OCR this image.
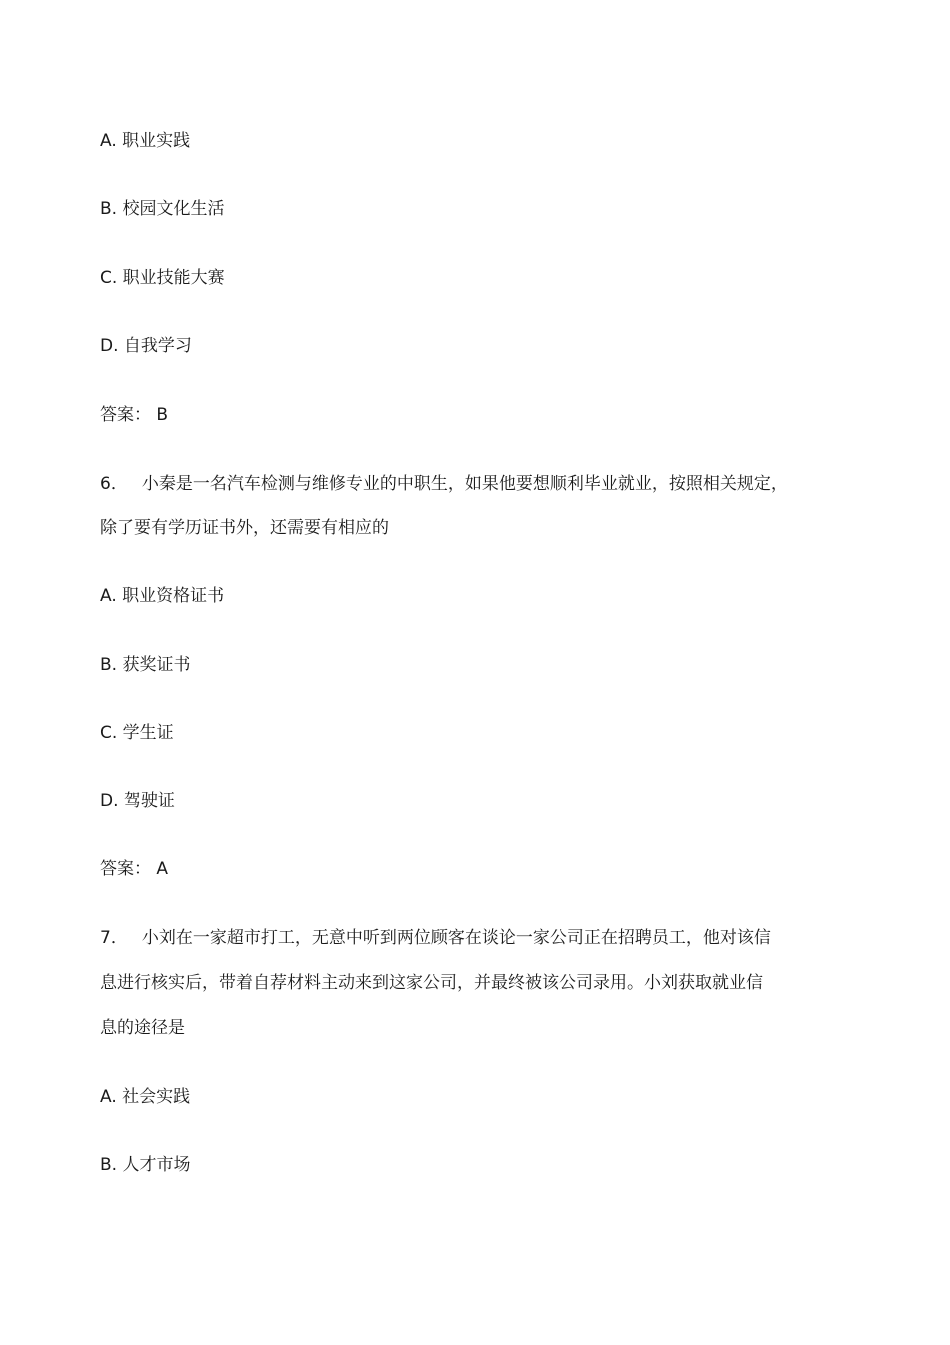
A. 职业实践
B. 校园文化生活
C. 职业技能大赛
D. 自我学习
答案： B
6． 小秦是一名汽车检测与维修专业的中职生，如果他要想顺利毕业就业，按照相关规定，
除了要有学历证书外，还需要有相应的
A. 职业资格证书
B. 获奖证书
C. 学生证
D. 驾驶证
答案： A
7． 小刘在一家超市打工，无意中听到两位顾客在谈论一家公司正在招聘员工，他对该信
息进行核实后，带着自荐材料主动来到这家公司，并最终被该公司录用。小刘获取就业信
息的途径是
A. 社会实践
B. 人才市场
